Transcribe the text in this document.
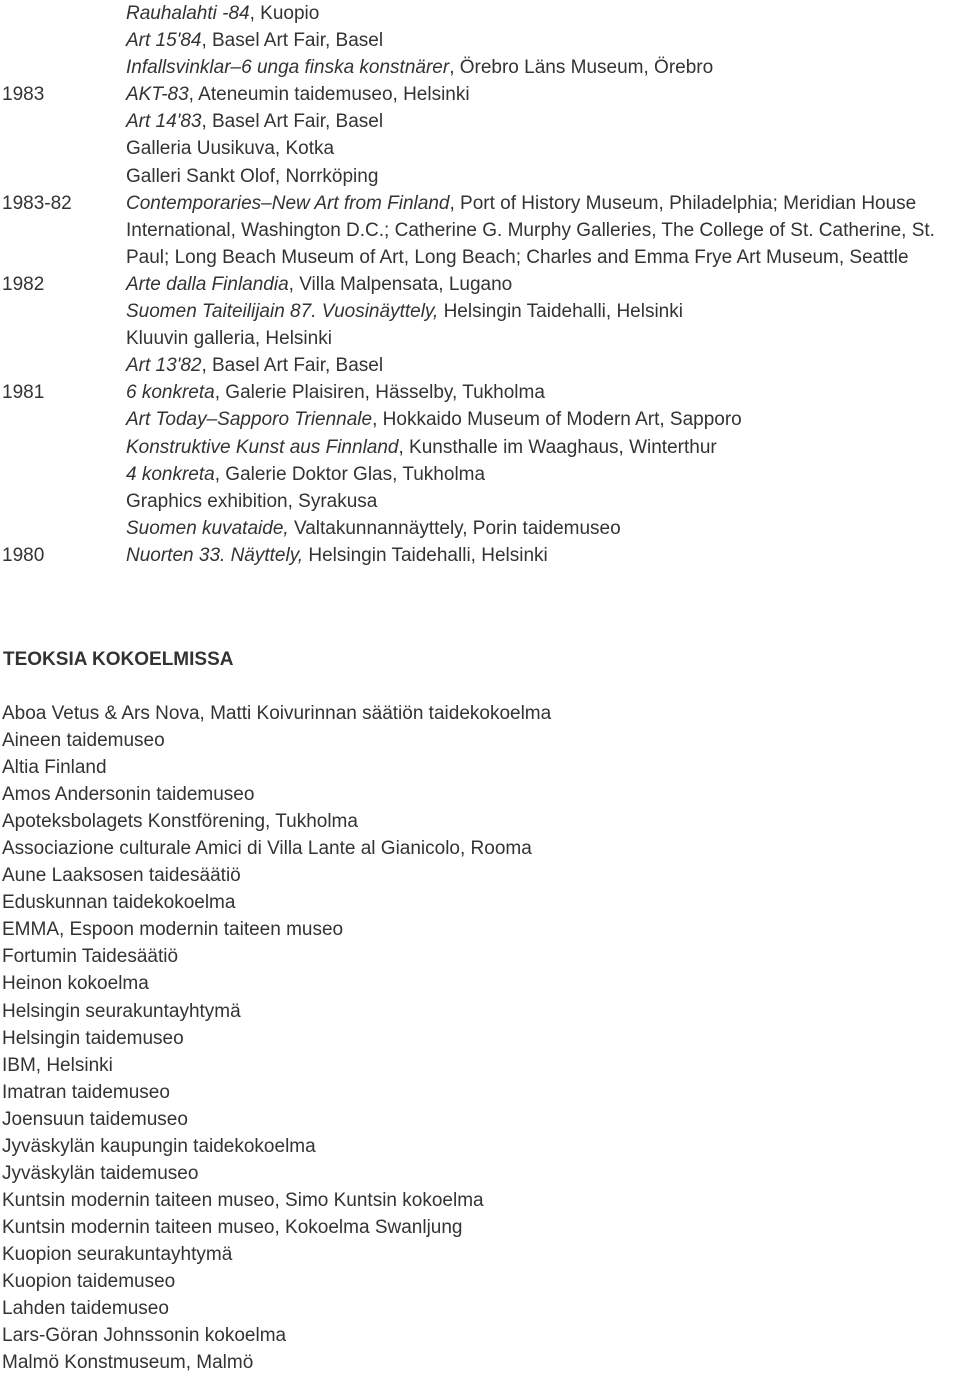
Rauhalahti -84, Kuopio
Art 15'84, Basel Art Fair, Basel
Infallsvinklar–6 unga finska konstnärer, Örebro Läns Museum, Örebro
1983	AKT-83, Ateneumin taidemuseo, Helsinki
Art 14'83, Basel Art Fair, Basel
Galleria Uusikuva, Kotka
Galleri Sankt Olof, Norrköping
1983-82	Contemporaries–New Art from Finland, Port of History Museum, Philadelphia; Meridian House International, Washington D.C.; Catherine G. Murphy Galleries, The College of St. Catherine, St. Paul; Long Beach Museum of Art, Long Beach; Charles and Emma Frye Art Museum, Seattle
1982	Arte dalla Finlandia, Villa Malpensata, Lugano
Suomen Taiteilijain 87. Vuosinäyttely, Helsingin Taidehalli, Helsinki
Kluuvin galleria, Helsinki
Art 13'82, Basel Art Fair, Basel
1981	6 konkreta, Galerie Plaisiren, Hässelby, Tukholma
Art Today–Sapporo Triennale, Hokkaido Museum of Modern Art, Sapporo
Konstruktive Kunst aus Finnland, Kunsthalle im Waaghaus, Winterthur
4 konkreta, Galerie Doktor Glas, Tukholma
Graphics exhibition, Syrakusa
Suomen kuvataide, Valtakunnannäyttely, Porin taidemuseo
1980	Nuorten 33. Näyttely, Helsingin Taidehalli, Helsinki
TEOKSIA KOKOELMISSA
Aboa Vetus & Ars Nova, Matti Koivurinnan säätiön taidekokoelma
Aineen taidemuseo
Altia Finland
Amos Andersonin taidemuseo
Apoteksbolagets Konstförening, Tukholma
Associazione culturale Amici di Villa Lante al Gianicolo, Rooma
Aune Laaksosen taidesäätiö
Eduskunnan taidekokoelma
EMMA, Espoon modernin taiteen museo
Fortumin Taidesäätiö
Heinon kokoelma
Helsingin seurakuntayhtymä
Helsingin taidemuseo
IBM, Helsinki
Imatran taidemuseo
Joensuun taidemuseo
Jyväskylän kaupungin taidekokoelma
Jyväskylän taidemuseo
Kuntsin modernin taiteen museo, Simo Kuntsin kokoelma
Kuntsin modernin taiteen museo, Kokoelma Swanljung
Kuopion seurakuntayhtymä
Kuopion taidemuseo
Lahden taidemuseo
Lars-Göran Johnssonin kokoelma
Malmö Konstmuseum, Malmö
